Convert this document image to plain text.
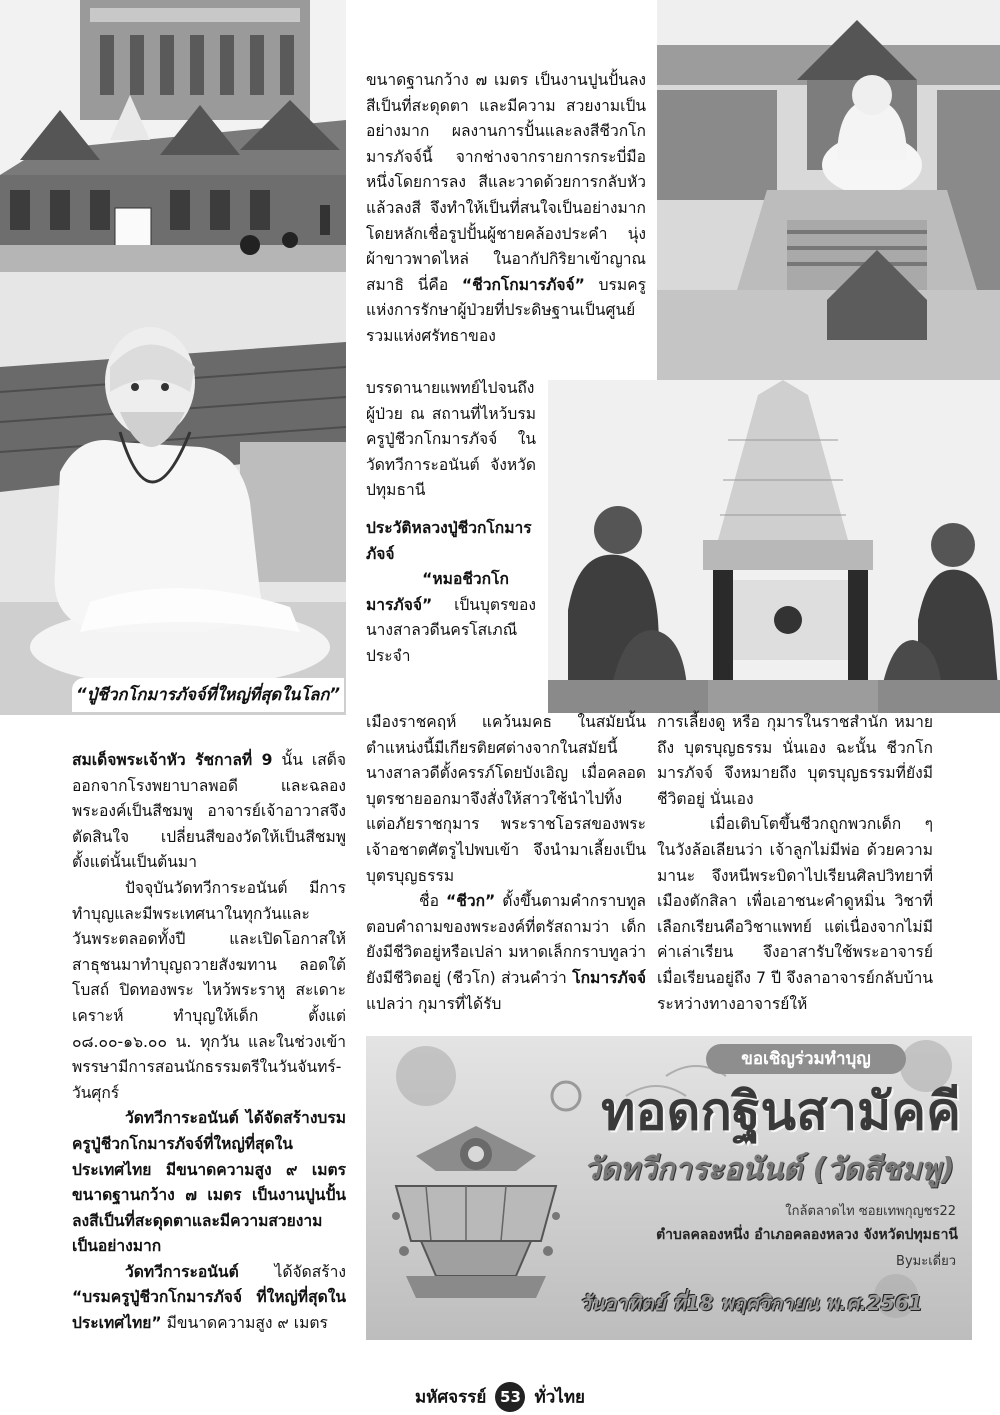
“ปู่ชีวกโกมารภัจจ์ที่ใหญ่ที่สุดในโลก”

ขนาดฐานกว้าง ๗ เมตร เป็นงานปูนปั้นลงสีเป็นที่สะดุดตา และมีความ สวยงามเป็นอย่างมาก ผลงานการปั้นและลงสีชีวกโกมารภัจจ์นี้ จากช่างจากรายการกระบี่มือหนึ่งโดยการลง สีและวาดด้วยการกลับหัวแล้วลงสี จึงทำให้เป็นที่สนใจเป็นอย่างมาก โดยหลักเชื่อรูปปั้นผู้ชายคล้องประคำ นุ่งผ้าขาวพาดไหล่ ในอากัปกิริยาเข้าญาณสมาธิ นี่คือ “ชีวกโกมารภัจจ์” บรมครูแห่งการรักษาผู้ป่วยที่ประดิษฐานเป็นศูนย์รวมแห่งศรัทธาของ

บรรดานายแพทย์ไปจนถึงผู้ป่วย ณ สถานที่ไหว้บรมครูปู่ชีวกโกมารภัจจ์ ในวัดทวีการะอนันต์ จังหวัดปทุมธานี

ประวัติหลวงปู่ชีวกโกมารภัจจ์

“หมอชีวกโกมารภัจจ์” เป็นบุตรของนางสาลวดีนครโสเภณีประจำ

เมืองราชคฤห์ แคว้นมคธ ในสมัยนั้นตำแหน่งนี้มีเกียรติยศต่างจากในสมัยนี้ นางสาลวดีตั้งครรภ์โดยบังเอิญ เมื่อคลอดบุตรชายออกมาจึงสั่งให้สาวใช้นำไปทิ้ง แต่อภัยราชกุมาร พระราชโอรสของพระเจ้าอชาตศัตรูไปพบเข้า จึงนำมาเลี้ยงเป็นบุตรบุญธรรม

ชื่อ “ชีวก” ตั้งขึ้นตามคำกราบทูลตอบคำถามของพระองค์ที่ตรัสถามว่า เด็กยังมีชีวิตอยู่หรือเปล่า มหาดเล็กกราบทูลว่า ยังมีชีวิตอยู่ (ชีวโก) ส่วนคำว่า โกมารภัจจ์ แปลว่า กุมารที่ได้รับ

การเลี้ยงดู หรือ กุมารในราชสำนัก หมายถึง บุตรบุญธรรม นั่นเอง ฉะนั้น ชีวกโกมารภัจจ์ จึงหมายถึง บุตรบุญธรรมที่ยังมีชีวิตอยู่ นั่นเอง

เมื่อเติบโตขึ้นชีวกถูกพวกเด็ก ๆ ในวังล้อเลียนว่า เจ้าลูกไม่มีพ่อ ด้วยความมานะ จึงหนีพระบิดาไปเรียนศิลปวิทยาที่เมืองตักสิลา เพื่อเอาชนะคำดูหมิ่น วิชาที่เลือกเรียนคือวิชาแพทย์ แต่เนื่องจากไม่มีค่าเล่าเรียน จึงอาสารับใช้พระอาจารย์ เมื่อเรียนอยู่ถึง 7 ปี จึงลาอาจารย์กลับบ้าน ระหว่างทางอาจารย์ให้

สมเด็จพระเจ้าหัว รัชกาลที่ 9 นั้น เสด็จออกจากโรงพยาบาลพอดี และฉลองพระองค์เป็นสีชมพู อาจารย์เจ้าอาวาสจึงตัดสินใจ เปลี่ยนสีของวัดให้เป็นสีชมพูตั้งแต่นั้นเป็นต้นมา

ปัจจุบันวัดทวีการะอนันต์ มีการทำบุญและมีพระเทศนาในทุกวันและวันพระตลอดทั้งปี และเปิดโอกาสให้สาธุชนมาทำบุญถวายสังฆทาน ลอดใต้โบสถ์ ปิดทองพระ ไหว้พระราหู สะเดาะเคราะห์ ทำบุญให้เด็ก ตั้งแต่ ๐๘.๐๐-๑๖.๐๐ น. ทุกวัน และในช่วงเข้าพรรษามีการสอนนักธรรมตรีในวันจันทร์-วันศุกร์

วัดทวีการะอนันต์ ได้จัดสร้างบรมครูปู่ชีวกโกมารภัจจ์ที่ใหญ่ที่สุดในประเทศไทย มีขนาดความสูง ๙ เมตร ขนาดฐานกว้าง ๗ เมตร เป็นงานปูนปั้นลงสีเป็นที่สะดุดตาและมีความสวยงามเป็นอย่างมาก

วัดทวีการะอนันต์ ได้จัดสร้าง “บรมครูปู่ชีวกโกมารภัจจ์ ที่ใหญ่ที่สุดในประเทศไทย” มีขนาดความสูง ๙ เมตร

ขอเชิญร่วมทำบุญ
ทอดกฐินสามัคคี
วัดทวีการะอนันต์ (วัดสีชมพู)
ใกล้ตลาดไท ซอยเทพกุญชร22
ตำบลคลองหนึ่ง อำเภอคลองหลวง จังหวัดปทุมธานี
Byมะเดี่ยว
วันอาทิตย์ ที่18 พฤศจิกายน พ.ศ.2561
มหัศจรรย์ 53 ทั่วไทย
